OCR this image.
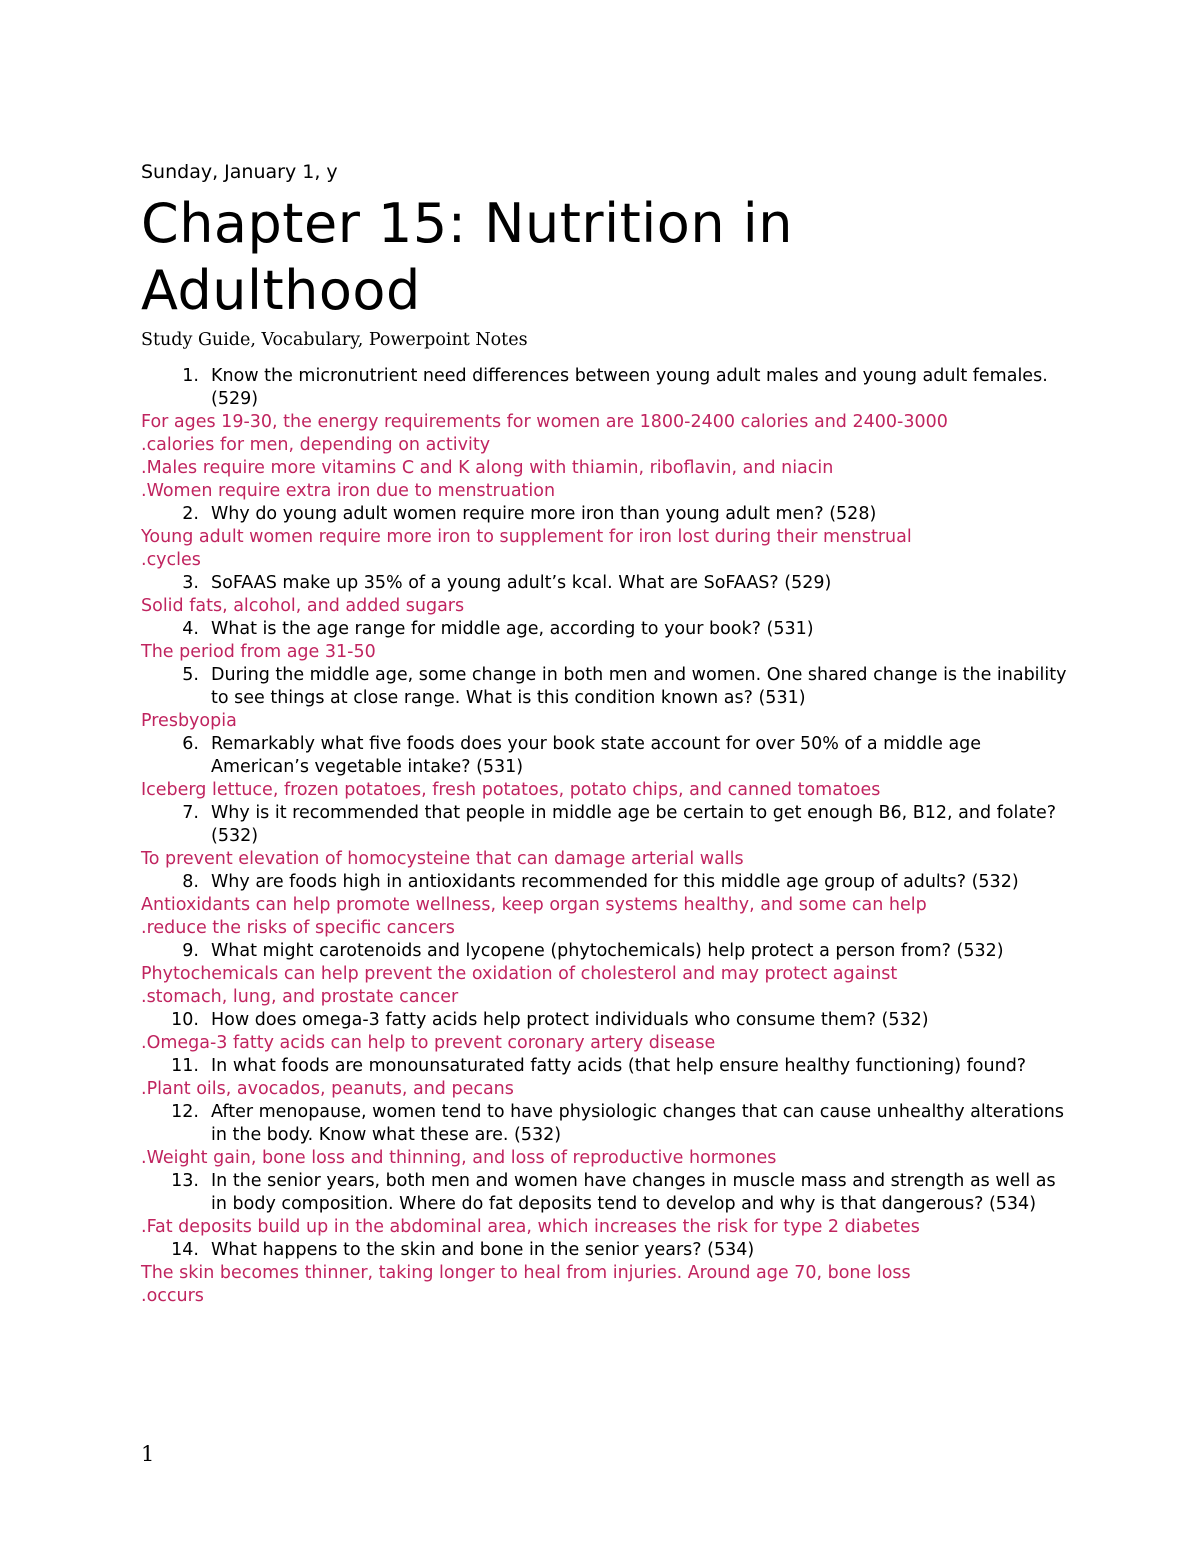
Sunday, January 1, y

Chapter 15: Nutrition in Adulthood

Study Guide, Vocabulary, Powerpoint Notes

1. Know the micronutrient need differences between young adult males and young adult females. (529)
For ages 19-30, the energy requirements for women are 1800-2400 calories and 2400-3000
.calories for men, depending on activity
.Males require more vitamins C and K along with thiamin, riboflavin, and niacin
.Women require extra iron due to menstruation
2. Why do young adult women require more iron than young adult men? (528)
Young adult women require more iron to supplement for iron lost during their menstrual
.cycles
3. SoFAAS make up 35% of a young adult’s kcal. What are SoFAAS? (529)
Solid fats, alcohol, and added sugars
4. What is the age range for middle age, according to your book? (531)
The period from age 31-50
5. During the middle age, some change in both men and women. One shared change is the inability to see things at close range. What is this condition known as? (531)
Presbyopia
6. Remarkably what five foods does your book state account for over 50% of a middle age American’s vegetable intake? (531)
Iceberg lettuce, frozen potatoes, fresh potatoes, potato chips, and canned tomatoes
7. Why is it recommended that people in middle age be certain to get enough B6, B12, and folate? (532)
To prevent elevation of homocysteine that can damage arterial walls
8. Why are foods high in antioxidants recommended for this middle age group of adults? (532)
Antioxidants can help promote wellness, keep organ systems healthy, and some can help
.reduce the risks of specific cancers
9. What might carotenoids and lycopene (phytochemicals) help protect a person from? (532)
Phytochemicals can help prevent the oxidation of cholesterol and may protect against
.stomach, lung, and prostate cancer
10. How does omega-3 fatty acids help protect individuals who consume them? (532)
.Omega-3 fatty acids can help to prevent coronary artery disease
11. In what foods are monounsaturated fatty acids (that help ensure healthy functioning) found?
.Plant oils, avocados, peanuts, and pecans
12. After menopause, women tend to have physiologic changes that can cause unhealthy alterations in the body. Know what these are. (532)
.Weight gain, bone loss and thinning, and loss of reproductive hormones
13. In the senior years, both men and women have changes in muscle mass and strength as well as in body composition. Where do fat deposits tend to develop and why is that dangerous? (534)
.Fat deposits build up in the abdominal area, which increases the risk for type 2 diabetes
14. What happens to the skin and bone in the senior years? (534)
The skin becomes thinner, taking longer to heal from injuries. Around age 70, bone loss
.occurs
1
